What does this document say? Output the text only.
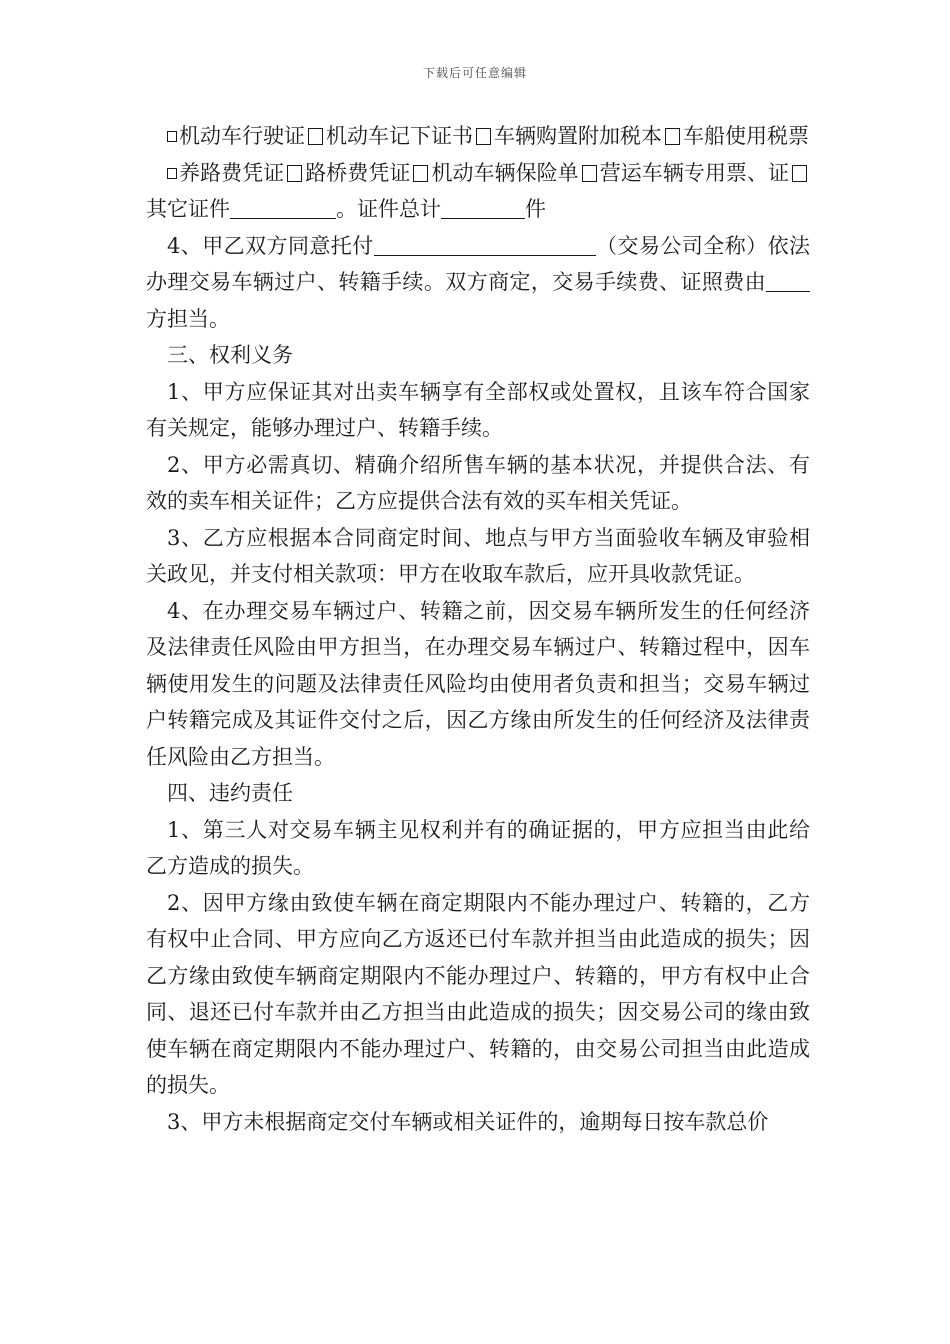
下载后可任意编辑

机动车行驶证 机动车记下证书 车辆购置附加税本 车船使用税票

养路费凭证 路桥费凭证 机动车辆保险单 营运车辆专用票、证其它证件	。证件总计	件

4、甲乙双方同意托付	（交易公司全称）依法办理交易车辆过户、转籍手续。双方商定，交易手续费、证照费由方担当。

三、权利义务

1、甲方应保证其对出卖车辆享有全部权或处置权，且该车符合国家有关规定，能够办理过户、转籍手续。

2、甲方必需真切、精确介绍所售车辆的基本状况，并提供合法、有效的卖车相关证件；乙方应提供合法有效的买车相关凭证。

3、乙方应根据本合同商定时间、地点与甲方当面验收车辆及审验相关政见，并支付相关款项：甲方在收取车款后，应开具收款凭证。

4、在办理交易车辆过户、转籍之前，因交易车辆所发生的任何经济及法律责任风险由甲方担当，在办理交易车辆过户、转籍过程中，因车辆使用发生的问题及法律责任风险均由使用者负责和担当；交易车辆过户转籍完成及其证件交付之后，因乙方缘由所发生的任何经济及法律责任风险由乙方担当。

四、违约责任

1、第三人对交易车辆主见权利并有的确证据的，甲方应担当由此给乙方造成的损失。

2、因甲方缘由致使车辆在商定期限内不能办理过户、转籍的，乙方有权中止合同、甲方应向乙方返还已付车款并担当由此造成的损失；因乙方缘由致使车辆商定期限内不能办理过户、转籍的，甲方有权中止合同、退还已付车款并由乙方担当由此造成的损失；因交易公司的缘由致使车辆在商定期限内不能办理过户、转籍的，由交易公司担当由此造成的损失。

3、甲方未根据商定交付车辆或相关证件的，逾期每日按车款总价
